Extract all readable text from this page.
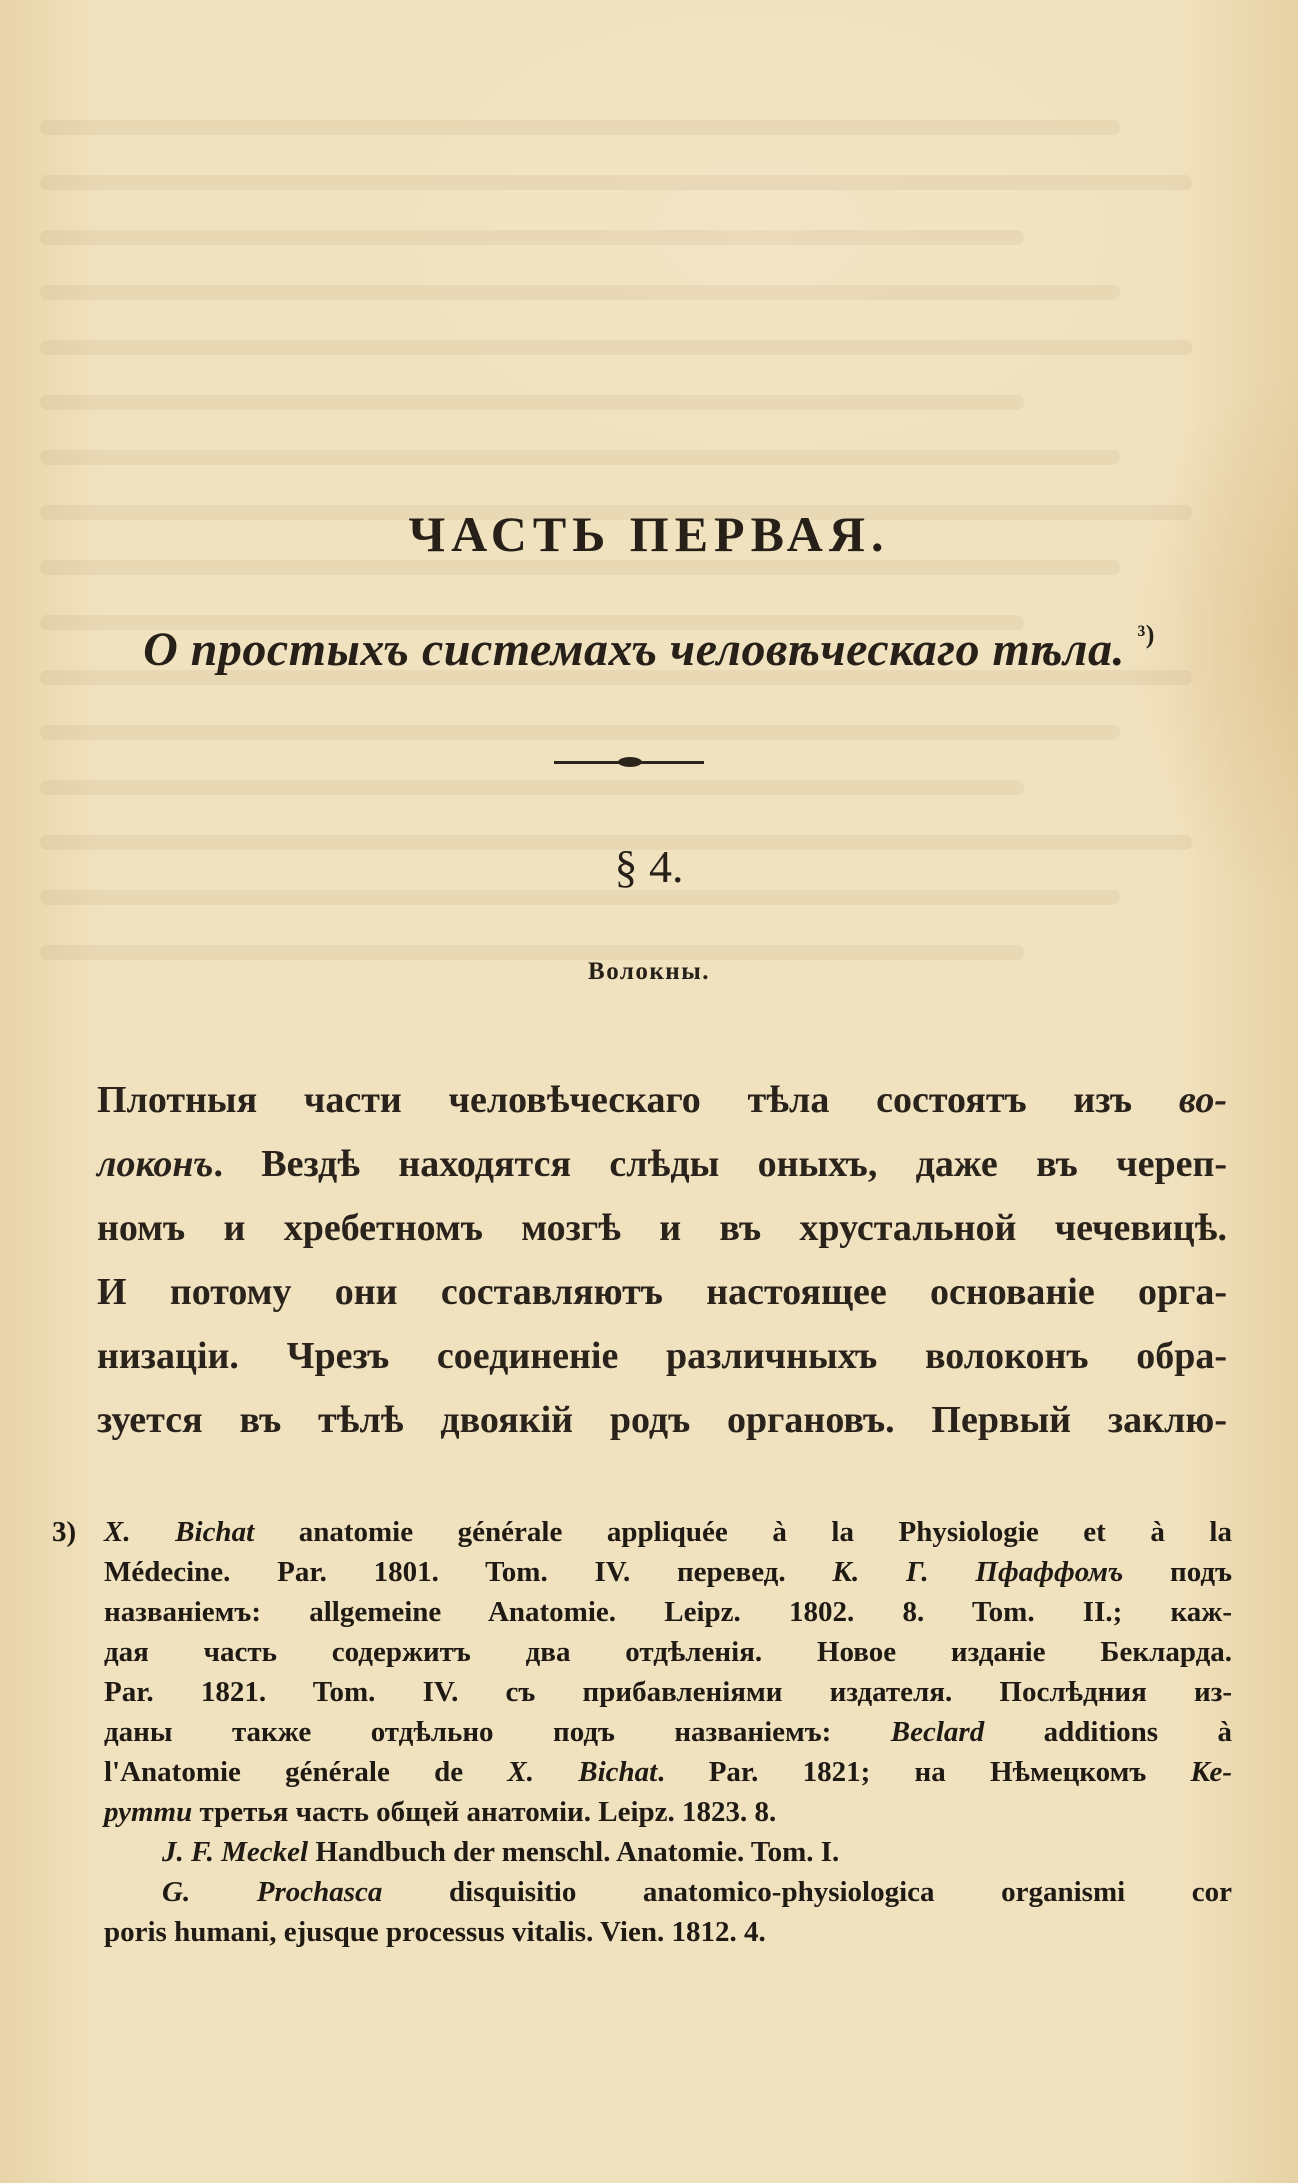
ЧАСТЬ ПЕРВАЯ.
О простыхъ системахъ человѣческаго тѣла. $^{^3)}$
§ 4.
Волокны.
Плотныя части человѣческаго тѣла состоятъ изъ во-
локонъ. Вездѣ находятся слѣды оныхъ, даже въ череп-
номъ и хребетномъ мозгѣ и въ хрустальной чечевицѣ.
И потому они составляютъ настоящее основаніе орга-
низаціи. Чрезъ соединеніе различныхъ волоконъ обра-
зуется въ тѣлѣ двоякій родъ органовъ. Первый заклю-
3) X. Bichat anatomie générale appliquée à la Physiologie et à la
Médecine. Par. 1801. Tom. IV. перевед. К. Г. Пфаффомъ подъ
названіемъ: allgemeine Anatomie. Leipz. 1802. 8. Tom. II.; каж-
дая часть содержитъ два отдѣленія. Новое изданіе Бекларда.
Par. 1821. Tom. IV. съ прибавленіями издателя. Послѣдния из-
даны также отдѣльно подъ названіемъ: Beclard additions à
l'Anatomie générale de X. Bichat. Par. 1821; на Нѣмецкомъ Ке-
рутти третья часть общей анатоміи. Leipz. 1823. 8.
J. F. Meckel Handbuch der menschl. Anatomie. Tom. I.
G. Prochasca disquisitio anatomico-physiologica organismi cor
poris humani, ejusque processus vitalis. Vien. 1812. 4.
